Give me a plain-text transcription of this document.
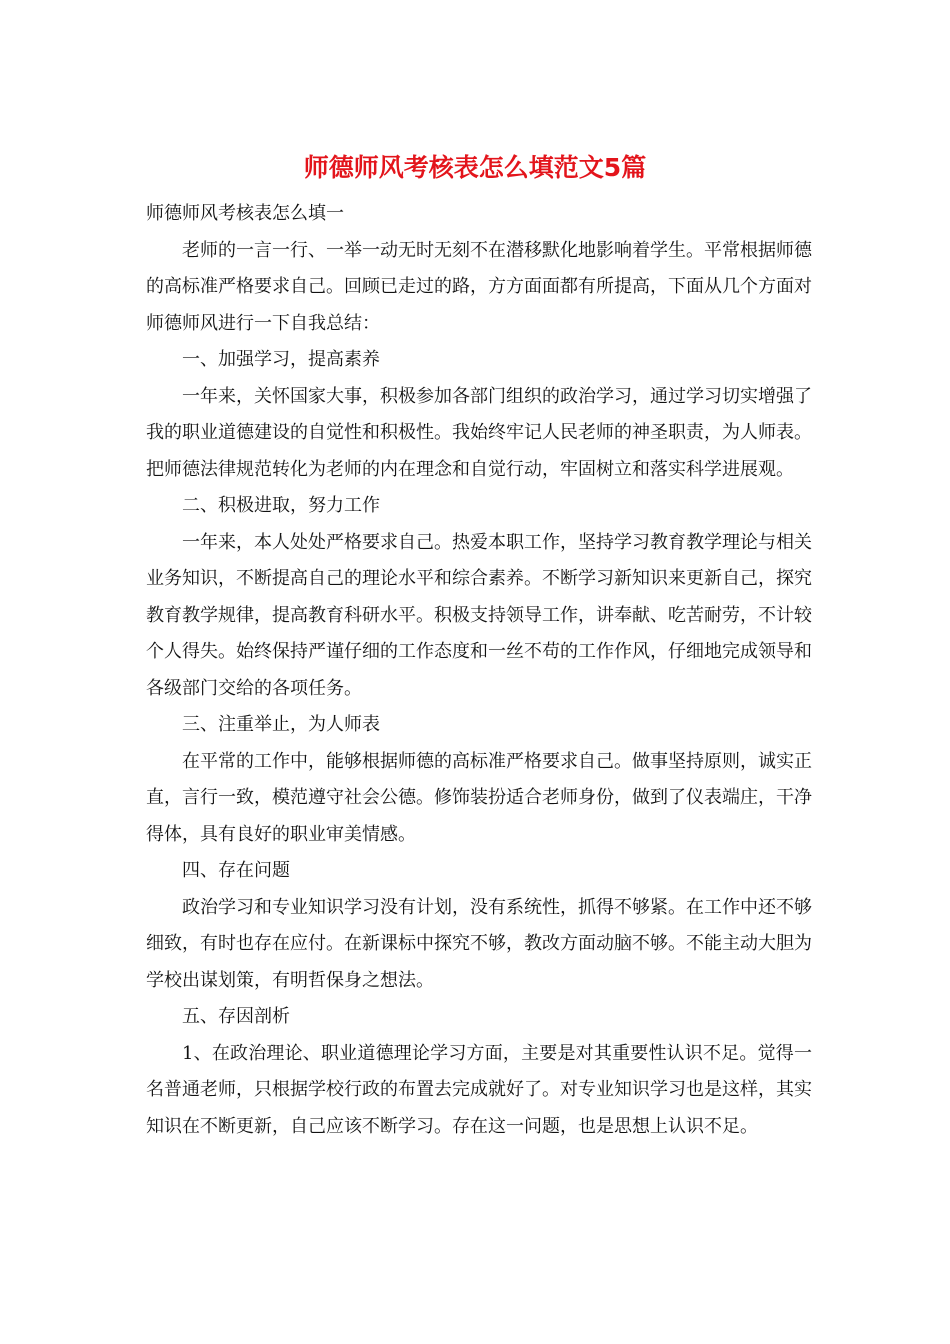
师德师风考核表怎么填范文5篇

师德师风考核表怎么填一

老师的一言一行、一举一动无时无刻不在潜移默化地影响着学生。平常根据师德的高标准严格要求自己。回顾已走过的路，方方面面都有所提高，下面从几个方面对师德师风进行一下自我总结：

一、加强学习，提高素养

一年来，关怀国家大事，积极参加各部门组织的政治学习，通过学习切实增强了我的职业道德建设的自觉性和积极性。我始终牢记人民老师的神圣职责，为人师表。把师德法律规范转化为老师的内在理念和自觉行动，牢固树立和落实科学进展观。

二、积极进取，努力工作

一年来，本人处处严格要求自己。热爱本职工作，坚持学习教育教学理论与相关业务知识，不断提高自己的理论水平和综合素养。不断学习新知识来更新自己，探究教育教学规律，提高教育科研水平。积极支持领导工作，讲奉献、吃苦耐劳，不计较个人得失。始终保持严谨仔细的工作态度和一丝不苟的工作作风，仔细地完成领导和各级部门交给的各项任务。

三、注重举止，为人师表

在平常的工作中，能够根据师德的高标准严格要求自己。做事坚持原则，诚实正直，言行一致，模范遵守社会公德。修饰装扮适合老师身份，做到了仪表端庄，干净得体，具有良好的职业审美情感。

四、存在问题

政治学习和专业知识学习没有计划，没有系统性，抓得不够紧。在工作中还不够细致，有时也存在应付。在新课标中探究不够，教改方面动脑不够。不能主动大胆为学校出谋划策，有明哲保身之想法。

五、存因剖析

1、在政治理论、职业道德理论学习方面，主要是对其重要性认识不足。觉得一名普通老师，只根据学校行政的布置去完成就好了。对专业知识学习也是这样，其实知识在不断更新，自己应该不断学习。存在这一问题，也是思想上认识不足。
